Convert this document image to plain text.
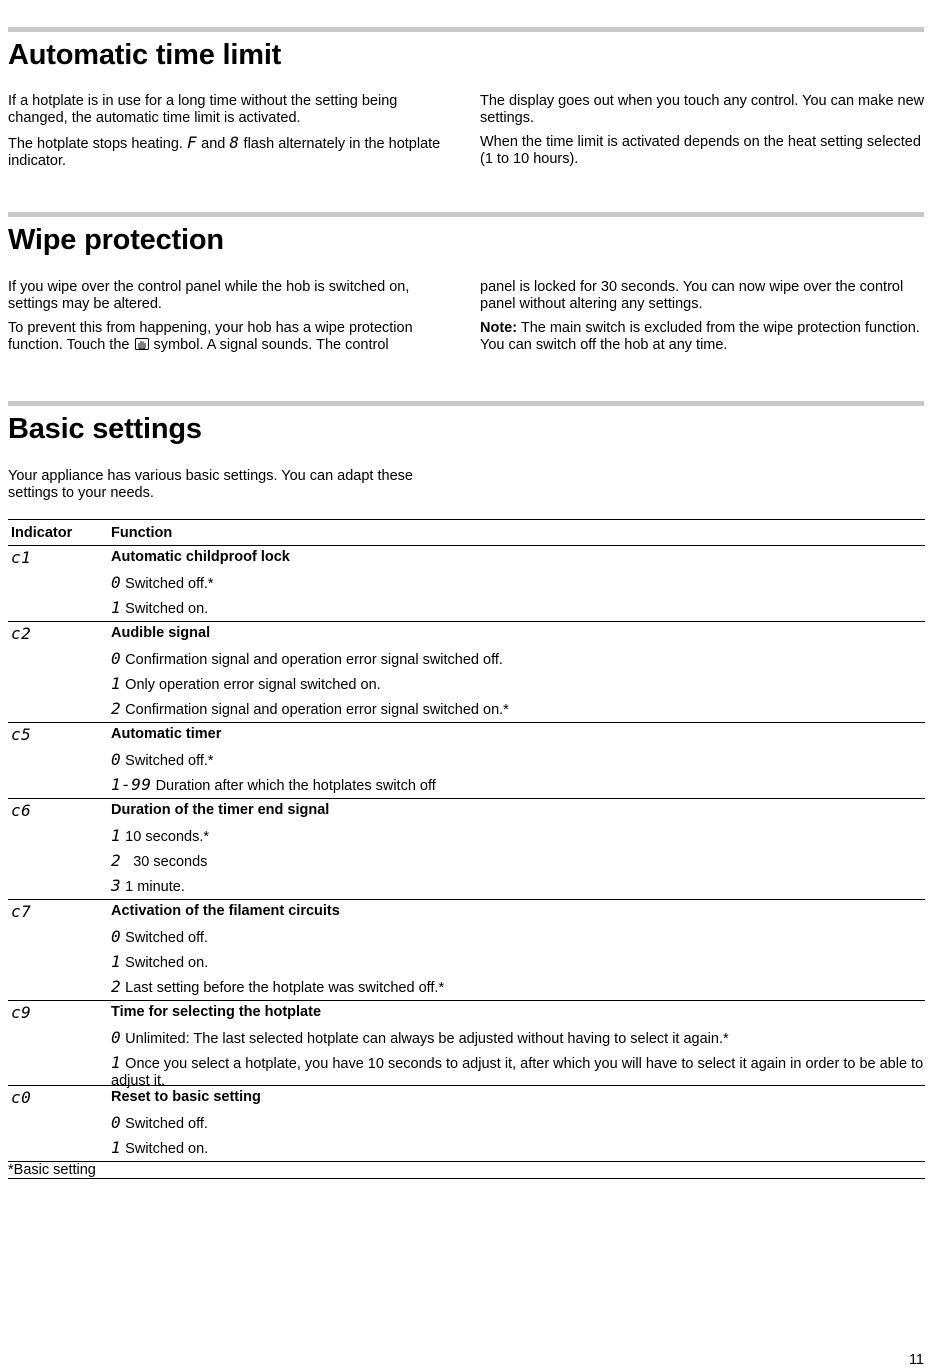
Automatic time limit

If a hotplate is in use for a long time without the setting being changed, the automatic time limit is activated.

The hotplate stops heating. F and 8 flash alternately in the hotplate indicator.

The display goes out when you touch any control. You can make new settings.

When the time limit is activated depends on the heat setting selected (1 to 10 hours).

Wipe protection

If you wipe over the control panel while the hob is switched on, settings may be altered.

To prevent this from happening, your hob has a wipe protection function. Touch the symbol. A signal sounds. The control

panel is locked for 30 seconds. You can now wipe over the control panel without altering any settings.

Note: The main switch is excluded from the wipe protection function. You can switch off the hob at any time.

Basic settings

Your appliance has various basic settings. You can adapt these settings to your needs.

Indicator	Function

c1	Automatic childproof lock

	0 Switched off.*

	1 Switched on.

c2	Audible signal

	0 Confirmation signal and operation error signal switched off.

	1 Only operation error signal switched on.

	2 Confirmation signal and operation error signal switched on.*

c5	Automatic timer

	0 Switched off.*

	1-99 Duration after which the hotplates switch off

c6	Duration of the timer end signal

	1 10 seconds.*

	2   30 seconds

	3 1 minute.

c7	Activation of the filament circuits

	0 Switched off.

	1 Switched on.

	2 Last setting before the hotplate was switched off.*

c9	Time for selecting the hotplate

	0 Unlimited: The last selected hotplate can always be adjusted without having to select it again.*

	1 Once you select a hotplate, you have 10 seconds to adjust it, after which you will have to select it again in order to be able to adjust it.

c0	Reset to basic setting

	0 Switched off.

	1 Switched on.

*Basic setting	
11
